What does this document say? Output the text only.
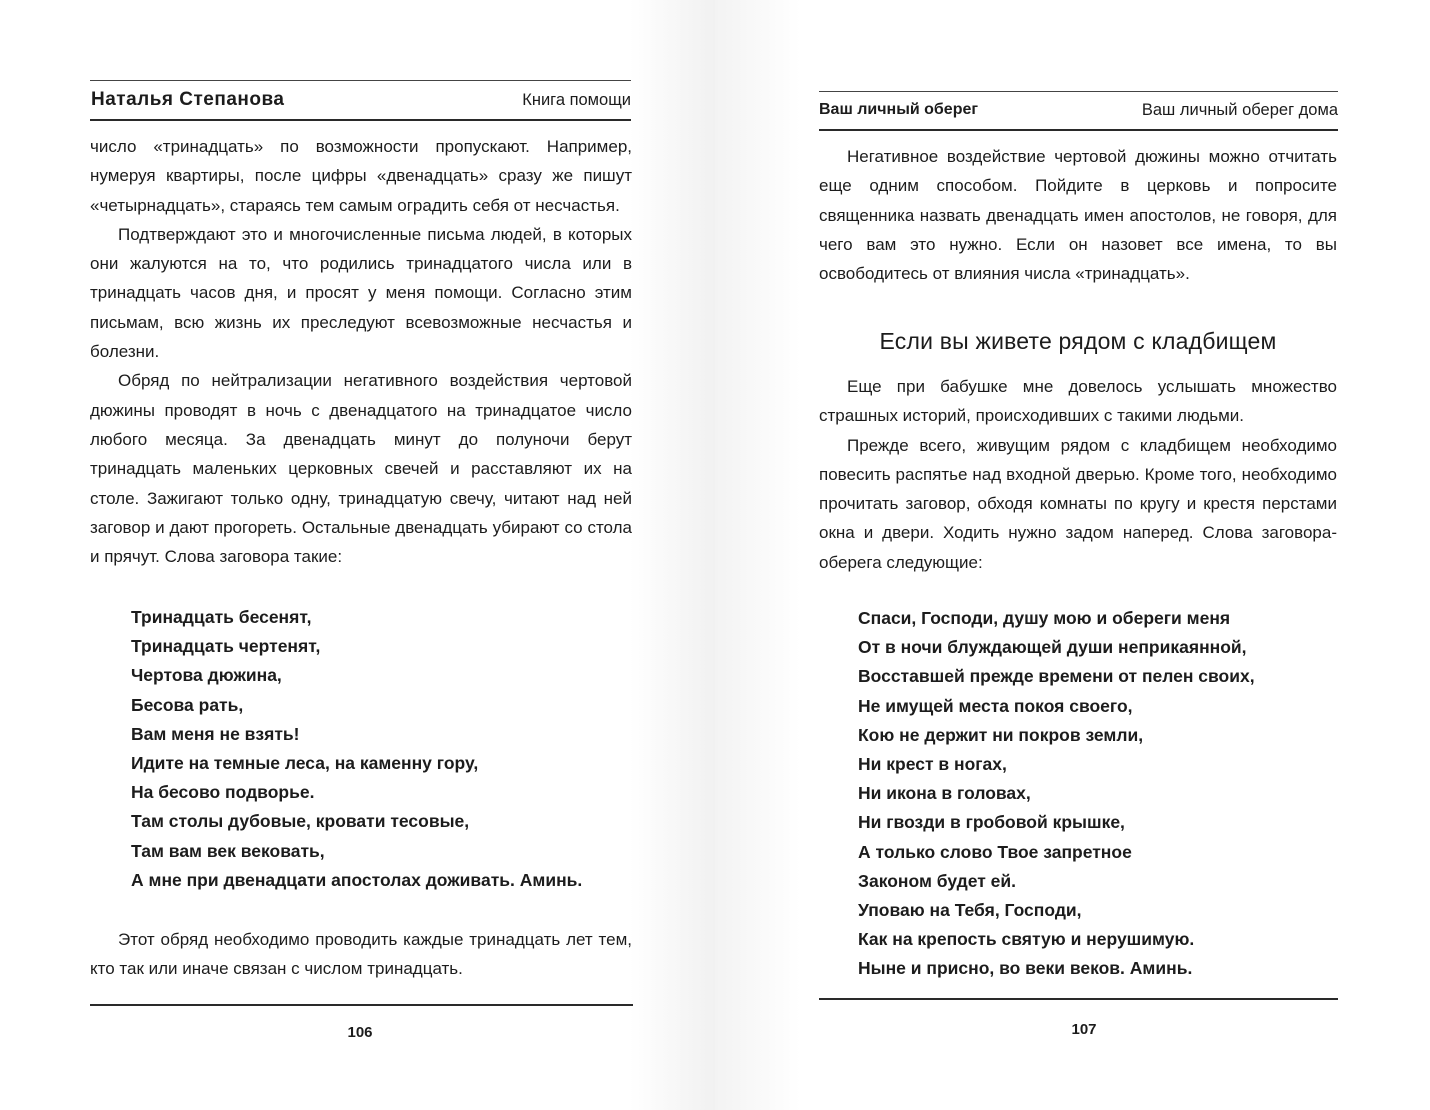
Наталья Степанова	Книга помощи

число «тринадцать» по возможности пропускают. Например, нумеруя квартиры, после цифры «двенадцать» сразу же пишут «четырнадцать», стараясь тем самым оградить себя от несчастья.

Подтверждают это и многочисленные письма людей, в которых они жалуются на то, что родились тринадцатого числа или в тринадцать часов дня, и просят у меня помощи. Согласно этим письмам, всю жизнь их преследуют всевозможные несчастья и болезни.

Обряд по нейтрализации негативного воздействия чертовой дюжины проводят в ночь с двенадцатого на тринадцатое число любого месяца. За двенадцать минут до полуночи берут тринадцать маленьких церковных свечей и расставляют их на столе. Зажигают только одну, тринадцатую свечу, читают над ней заговор и дают прогореть. Остальные двенадцать убирают со стола и прячут. Слова заговора такие:

Тринадцать бесенят,
Тринадцать чертенят,
Чертова дюжина,
Бесова рать,
Вам меня не взять!
Идите на темные леса, на каменну гору,
На бесово подворье.
Там столы дубовые, кровати тесовые,
Там вам век вековать,
А мне при двенадцати апостолах доживать. Аминь.

Этот обряд необходимо проводить каждые тринадцать лет тем, кто так или иначе связан с числом тринадцать.

106
Ваш личный оберег	Ваш личный оберег дома

Негативное воздействие чертовой дюжины можно отчитать еще одним способом. Пойдите в церковь и попросите священника назвать двенадцать имен апостолов, не говоря, для чего вам это нужно. Если он назовет все имена, то вы освободитесь от влияния числа «тринадцать».

Если вы живете рядом с кладбищем

Еще при бабушке мне довелось услышать множество страшных историй, происходивших с такими людьми.

Прежде всего, живущим рядом с кладбищем необходимо повесить распятье над входной дверью. Кроме того, необходимо прочитать заговор, обходя комнаты по кругу и крестя перстами окна и двери. Ходить нужно задом наперед. Слова заговора-оберега следующие:

Спаси, Господи, душу мою и обереги меня
От в ночи блуждающей души неприкаянной,
Восставшей прежде времени от пелен своих,
Не имущей места покоя своего,
Кою не держит ни покров земли,
Ни крест в ногах,
Ни икона в головах,
Ни гвозди в гробовой крышке,
А только слово Твое запретное
Законом будет ей.
Уповаю на Тебя, Господи,
Как на крепость святую и нерушимую.
Ныне и присно, во веки веков. Аминь.
107
